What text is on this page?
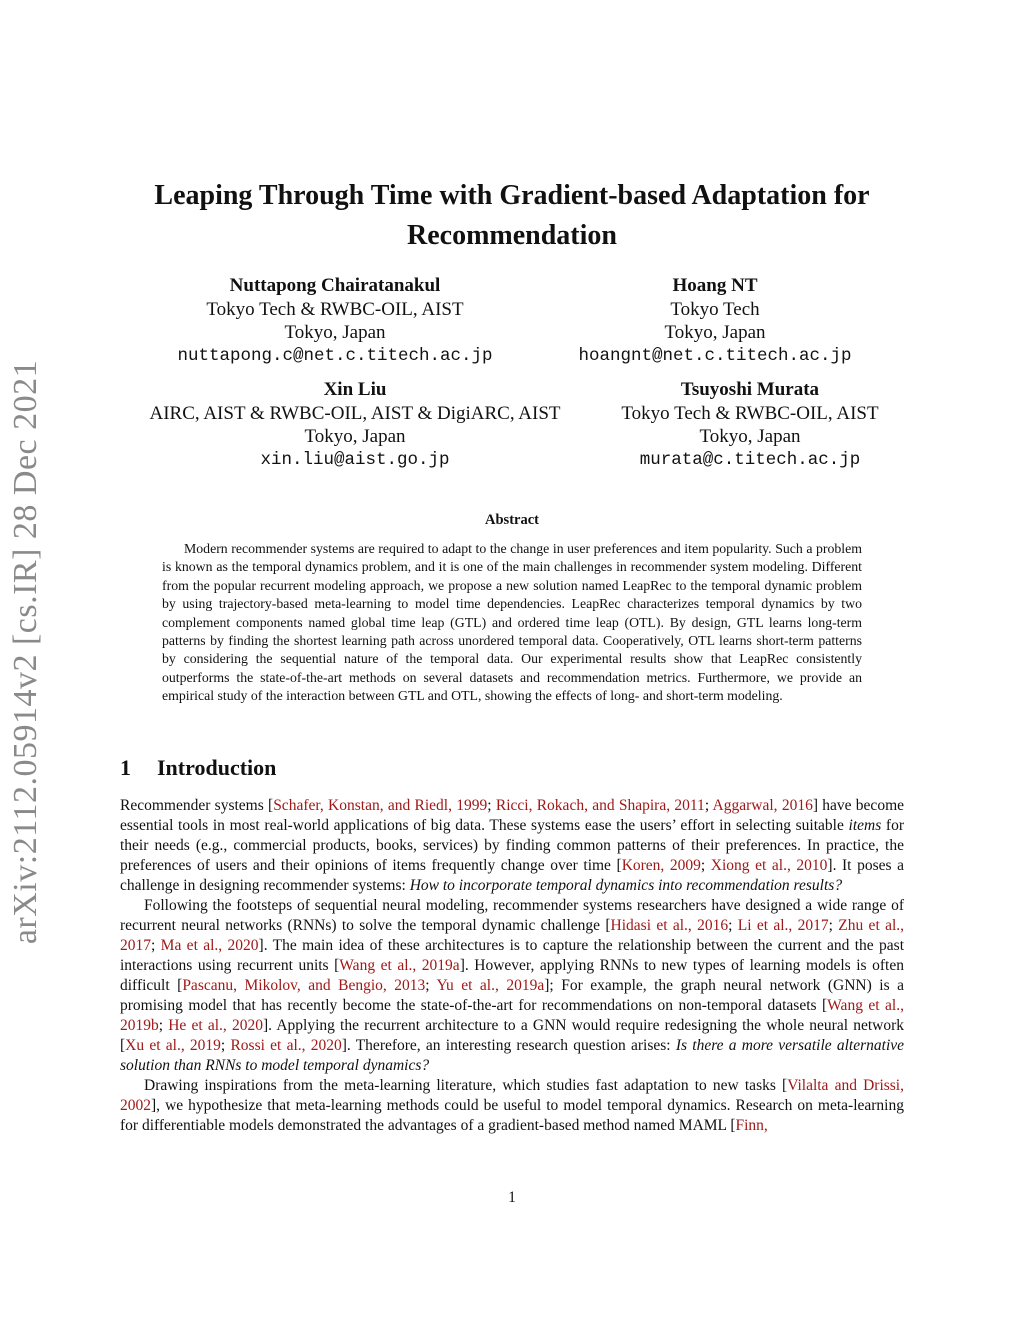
arXiv:2112.05914v2 [cs.IR] 28 Dec 2021
Leaping Through Time with Gradient-based Adaptation for Recommendation
Nuttapong Chairatanakul
Tokyo Tech & RWBC-OIL, AIST
Tokyo, Japan
nuttapong.c@net.c.titech.ac.jp
Hoang NT
Tokyo Tech
Tokyo, Japan
hoangnt@net.c.titech.ac.jp
Xin Liu
AIRC, AIST & RWBC-OIL, AIST & DigiARC, AIST
Tokyo, Japan
xin.liu@aist.go.jp
Tsuyoshi Murata
Tokyo Tech & RWBC-OIL, AIST
Tokyo, Japan
murata@c.titech.ac.jp
Abstract

Modern recommender systems are required to adapt to the change in user preferences and item popularity. Such a problem is known as the temporal dynamics problem, and it is one of the main challenges in recommender system modeling. Different from the popular recurrent modeling approach, we propose a new solution named LeapRec to the temporal dynamic problem by using trajectory-based meta-learning to model time dependencies. LeapRec characterizes temporal dynamics by two complement components named global time leap (GTL) and ordered time leap (OTL). By design, GTL learns long-term patterns by finding the shortest learning path across unordered temporal data. Cooperatively, OTL learns short-term patterns by considering the sequential nature of the temporal data. Our experimental results show that LeapRec consistently outperforms the state-of-the-art methods on several datasets and recommendation metrics. Furthermore, we provide an empirical study of the interaction between GTL and OTL, showing the effects of long- and short-term modeling.

1 Introduction

Recommender systems [Schafer, Konstan, and Riedl, 1999; Ricci, Rokach, and Shapira, 2011; Aggarwal, 2016] have become essential tools in most real-world applications of big data. These systems ease the users’ effort in selecting suitable items for their needs (e.g., commercial products, books, services) by finding common patterns of their preferences. In practice, the preferences of users and their opinions of items frequently change over time [Koren, 2009; Xiong et al., 2010]. It poses a challenge in designing recommender systems: How to incorporate temporal dynamics into recommendation results?

Following the footsteps of sequential neural modeling, recommender systems researchers have designed a wide range of recurrent neural networks (RNNs) to solve the temporal dynamic challenge [Hidasi et al., 2016; Li et al., 2017; Zhu et al., 2017; Ma et al., 2020]. The main idea of these architectures is to capture the relationship between the current and the past interactions using recurrent units [Wang et al., 2019a]. However, applying RNNs to new types of learning models is often difficult [Pascanu, Mikolov, and Bengio, 2013; Yu et al., 2019a]; For example, the graph neural network (GNN) is a promising model that has recently become the state-of-the-art for recommendations on non-temporal datasets [Wang et al., 2019b; He et al., 2020]. Applying the recurrent architecture to a GNN would require redesigning the whole neural network [Xu et al., 2019; Rossi et al., 2020]. Therefore, an interesting research question arises: Is there a more versatile alternative solution than RNNs to model temporal dynamics?

Drawing inspirations from the meta-learning literature, which studies fast adaptation to new tasks [Vilalta and Drissi, 2002], we hypothesize that meta-learning methods could be useful to model temporal dynamics. Research on meta-learning for differentiable models demonstrated the advantages of a gradient-based method named MAML [Finn,

1
